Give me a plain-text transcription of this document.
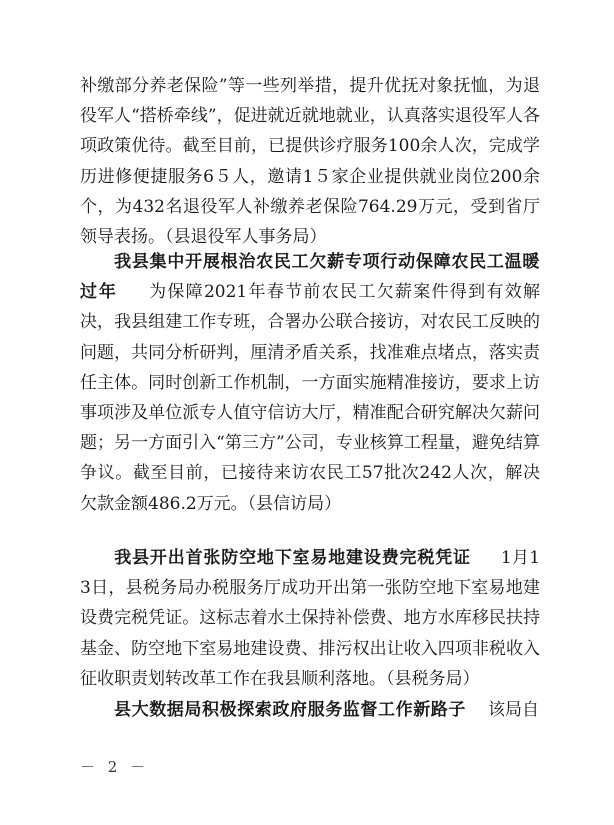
补缴部分养老保险”等一些列举措，提升优抚对象抚恤，为退役军人“搭桥牵线”，促进就近就地就业，认真落实退役军人各项政策优待。截至目前，已提供诊疗服务100余人次，完成学历进修便捷服务6５人，邀请1５家企业提供就业岗位200余个，为432名退役军人补缴养老保险764.29万元，受到省厅领导表扬。（县退役军人事务局）
我县集中开展根治农民工欠薪专项行动保障农民工温暖过年 为保障2021年春节前农民工欠薪案件得到有效解决，我县组建工作专班，合署办公联合接访，对农民工反映的问题，共同分析研判，厘清矛盾关系，找准难点堵点，落实责任主体。同时创新工作机制，一方面实施精准接访，要求上访事项涉及单位派专人值守信访大厅，精准配合研究解决欠薪问题；另一方面引入“第三方”公司，专业核算工程量，避免结算争议。截至目前，已接待来访农民工57批次242人次，解决欠款金额486.2万元。（县信访局）
我县开出首张防空地下室易地建设费完税凭证 1月13日，县税务局办税服务厅成功开出第一张防空地下室易地建设费完税凭证。这标志着水土保持补偿费、地方水库移民扶持基金、防空地下室易地建设费、排污权出让收入四项非税收入征收职责划转改革工作在我县顺利落地。（县税务局）
县大数据局积极探索政府服务监督工作新路子 该局自
－ 2 －
